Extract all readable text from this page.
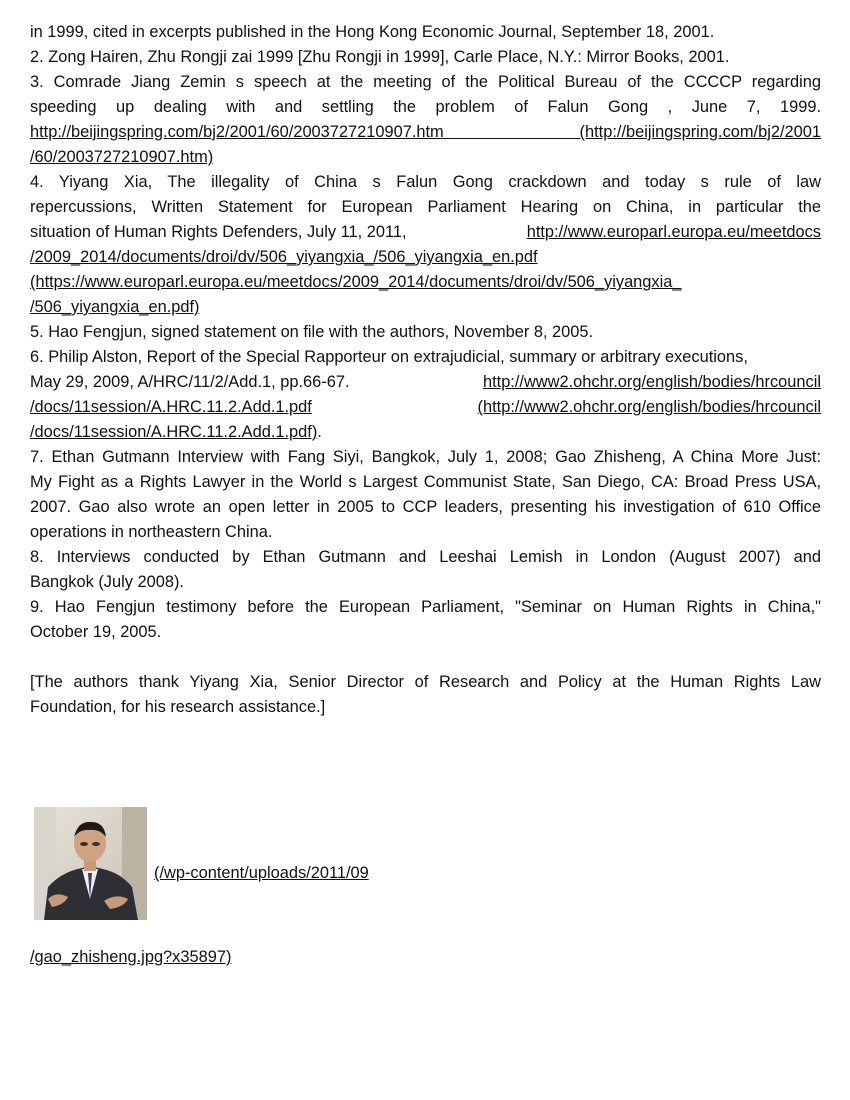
in 1999, cited in excerpts published in the Hong Kong Economic Journal, September 18, 2001.
2. Zong Hairen, Zhu Rongji zai 1999 [Zhu Rongji in 1999], Carle Place, N.Y.: Mirror Books, 2001.
3. Comrade Jiang Zemin s speech at the meeting of the Political Bureau of the CCCCP regarding
speeding up dealing with and settling the problem of Falun Gong , June 7, 1999.
http://beijingspring.com/bj2/2001/60/2003727210907.htm (http://beijingspring.com/bj2/2001
/60/2003727210907.htm)
4. Yiyang Xia, The illegality of China s Falun Gong crackdown and today s rule of law
repercussions, Written Statement for European Parliament Hearing on China, in particular the
situation of Human Rights Defenders, July 11, 2011,	http://www.europarl.europa.eu/meetdocs
/2009_2014/documents/droi/dv/506_yiyangxia_/506_yiyangxia_en.pdf
(https://www.europarl.europa.eu/meetdocs/2009_2014/documents/droi/dv/506_yiyangxia_
/506_yiyangxia_en.pdf)
5. Hao Fengjun, signed statement on file with the authors, November 8, 2005.
6. Philip Alston, Report of the Special Rapporteur on extrajudicial, summary or arbitrary executions,
May 29, 2009, A/HRC/11/2/Add.1, pp.66-67.	http://www2.ohchr.org/english/bodies/hrcouncil
/docs/11session/A.HRC.11.2.Add.1.pdf	(http://www2.ohchr.org/english/bodies/hrcouncil
/docs/11session/A.HRC.11.2.Add.1.pdf).
7. Ethan Gutmann Interview with Fang Siyi, Bangkok, July 1, 2008; Gao Zhisheng, A China More Just:
My Fight as a Rights Lawyer in the World s Largest Communist State, San Diego, CA: Broad Press USA,
2007. Gao also wrote an open letter in 2005 to CCP leaders, presenting his investigation of 610 Office
operations in northeastern China.
8. Interviews conducted by Ethan Gutmann and Leeshai Lemish in London (August 2007) and
Bangkok (July 2008).
9. Hao Fengjun testimony before the European Parliament, "Seminar on Human Rights in China,"
October 19, 2005.
[The authors thank Yiyang Xia, Senior Director of Research and Policy at the Human Rights Law
Foundation, for his research assistance.]
(/wp-content/uploads/2011/09
/gao_zhisheng.jpg?x35897)
